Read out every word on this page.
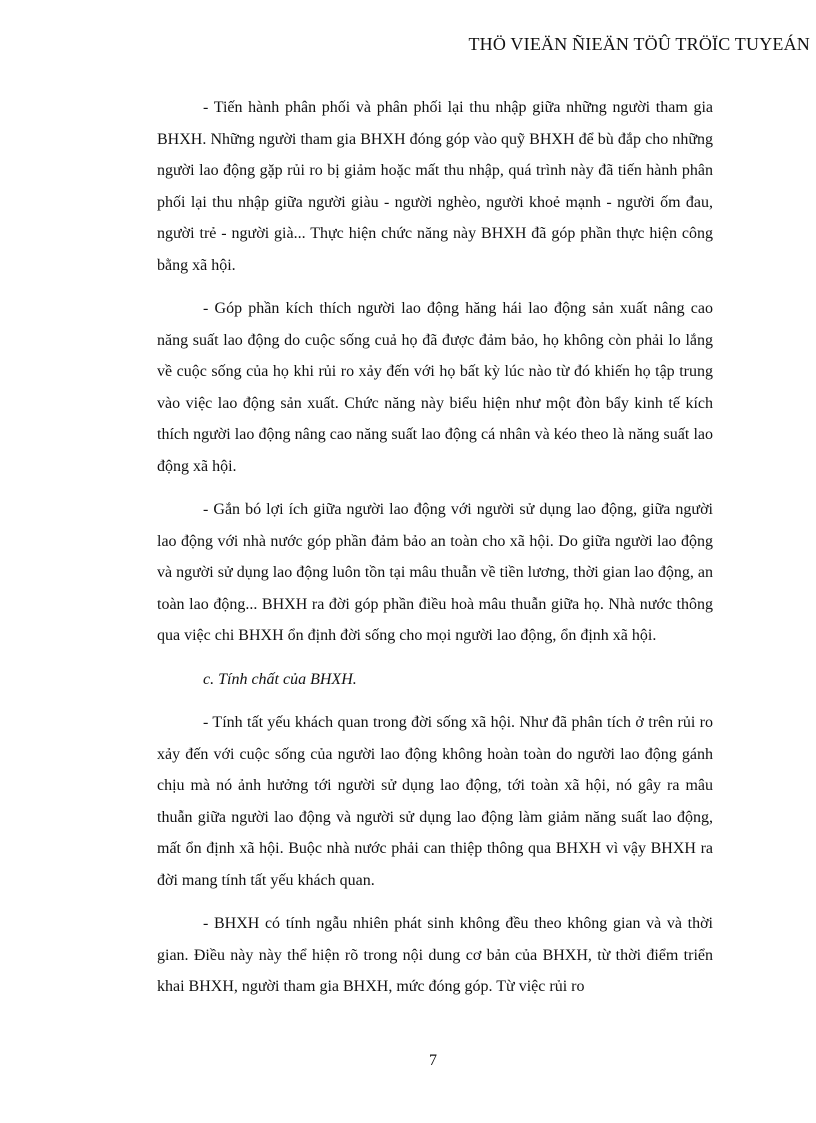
THÖ VIEÄN ÑIEÄN TÖÛ TRÖÏC TUYEÁN

- Tiến hành phân phối và phân phối lại thu nhập giữa những người tham gia BHXH. Những người tham gia BHXH đóng góp vào quỹ BHXH để bù đắp cho những người lao động gặp rủi ro bị giảm hoặc mất thu nhập, quá trình này đã tiến hành phân phối lại thu nhập giữa người giàu - người nghèo, người khoẻ mạnh - người ốm đau, người trẻ - người già... Thực hiện chức năng này BHXH đã góp phần thực hiện công bằng xã hội.

- Góp phần kích thích người lao động hăng hái lao động sản xuất nâng cao năng suất lao động do cuộc sống cuả họ đã được đảm bảo, họ không còn phải lo lắng về cuộc sống của họ khi rủi ro xảy đến với họ bất kỳ lúc nào từ đó khiến họ tập trung vào việc lao động sản xuất. Chức năng này biểu hiện như một đòn bẩy kinh tế kích thích người lao động nâng cao năng suất lao động cá nhân và kéo theo là năng suất lao động xã hội.

- Gắn bó lợi ích giữa người lao động với người sử dụng lao động, giữa người lao động với nhà nước góp phần đảm bảo an toàn cho xã hội. Do giữa người lao động và người sử dụng lao động luôn tồn tại mâu thuẫn về tiền lương, thời gian lao động, an toàn lao động... BHXH ra đời góp phần điều hoà mâu thuẫn giữa họ. Nhà nước thông qua việc chi BHXH ổn định đời sống cho mọi người lao động, ổn định xã hội.

c. Tính chất của BHXH.

- Tính tất yếu khách quan trong đời sống xã hội. Như đã phân tích ở trên rủi ro xảy đến với cuộc sống của người lao động không hoàn toàn do người lao động gánh chịu mà nó ảnh hưởng tới người sử dụng lao động, tới toàn xã hội, nó gây ra mâu thuẫn giữa người lao động và người sử dụng lao động làm giảm năng suất lao động, mất ổn định xã hội. Buộc nhà nước phải can thiệp thông qua BHXH vì vậy BHXH ra đời mang tính tất yếu khách quan.

- BHXH có tính ngẫu nhiên phát sinh không đều theo không gian và và thời gian. Điều này này thể hiện rõ trong nội dung cơ bản của BHXH, từ thời điểm triển khai BHXH, người tham gia BHXH, mức đóng góp. Từ việc rủi ro

7
